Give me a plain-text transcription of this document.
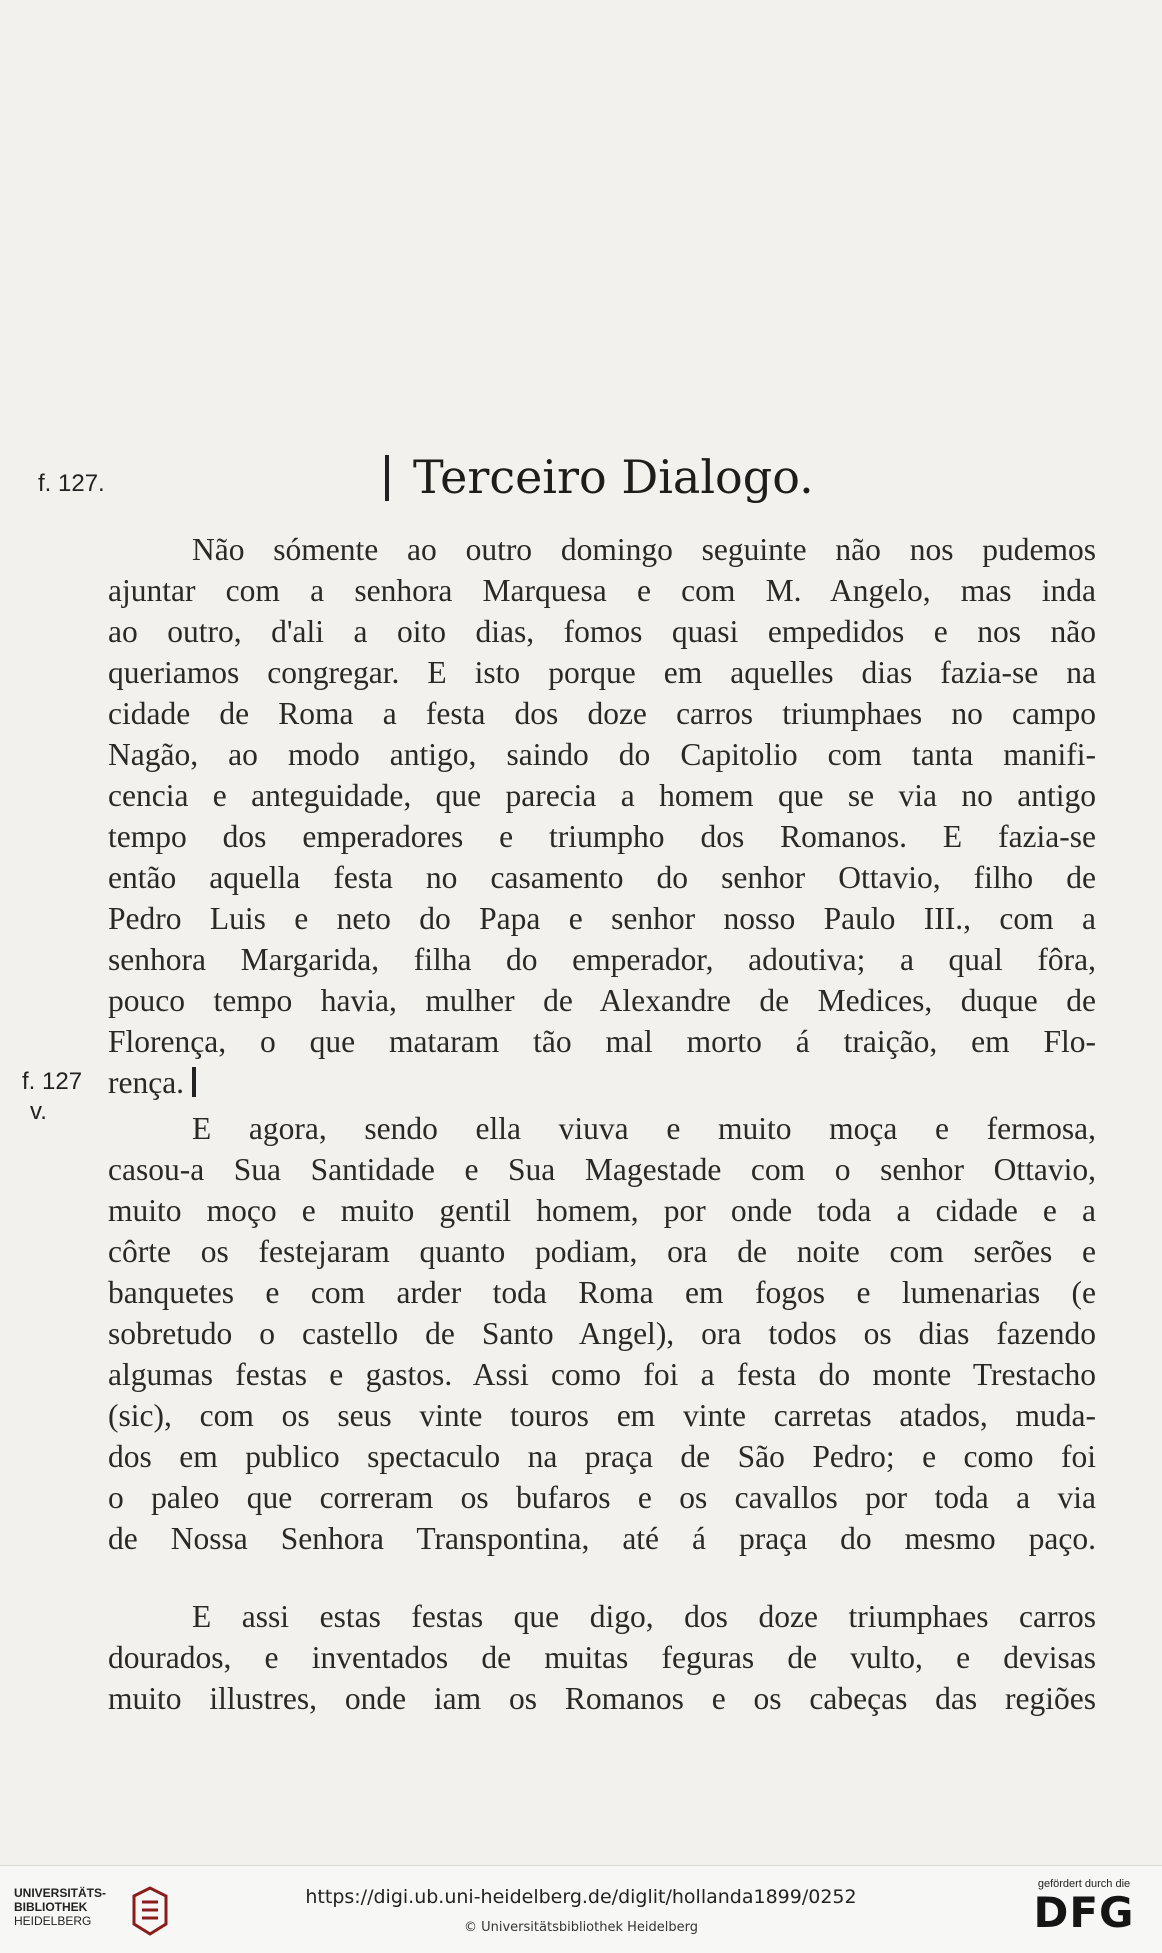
f. 127.	Terceiro Dialogo.
Não sómente ao outro domingo seguinte não nos pudemos
ajuntar com a senhora Marquesa e com M. Angelo, mas inda
ao outro, d'ali a oito dias, fomos quasi empedidos e nos não
queriamos congregar. E isto porque em aquelles dias fazia-se na
cidade de Roma a festa dos doze carros triumphaes no campo
Nagão, ao modo antigo, saindo do Capitolio com tanta manifi-
cencia e anteguidade, que parecia a homem que se via no antigo
tempo dos emperadores e triumpho dos Romanos. E fazia-se
então aquella festa no casamento do senhor Ottavio, filho de
Pedro Luis e neto do Papa e senhor nosso Paulo III., com a
senhora Margarida, filha do emperador, adoutiva; a qual fôra,
pouco tempo havia, mulher de Alexandre de Medices, duque de
Florença, o que mataram tão mal morto á traição, em Flo-
rença.
f. 127
v.	E agora, sendo ella viuva e muito moça e fermosa,
casou-a Sua Santidade e Sua Magestade com o senhor Ottavio,
muito moço e muito gentil homem, por onde toda a cidade e a
côrte os festejaram quanto podiam, ora de noite com serões e
banquetes e com arder toda Roma em fogos e lumenarias (e
sobretudo o castello de Santo Angel), ora todos os dias fazendo
algumas festas e gastos. Assi como foi a festa do monte Trestacho
(sic), com os seus vinte touros em vinte carretas atados, muda-
dos em publico spectaculo na praça de São Pedro; e como foi
o paleo que correram os bufaros e os cavallos por toda a via
de Nossa Senhora Transpontina, até á praça do mesmo paço.
E assi estas festas que digo, dos doze triumphaes carros
dourados, e inventados de muitas feguras de vulto, e devisas
muito illustres, onde iam os Romanos e os cabeças das regiões
UNIVERSITÄTS-
BIBLIOTHEK
HEIDELBERG
https://digi.ub.uni-heidelberg.de/diglit/hollanda1899/0252
© Universitätsbibliothek Heidelberg
gefördert durch die
DFG
